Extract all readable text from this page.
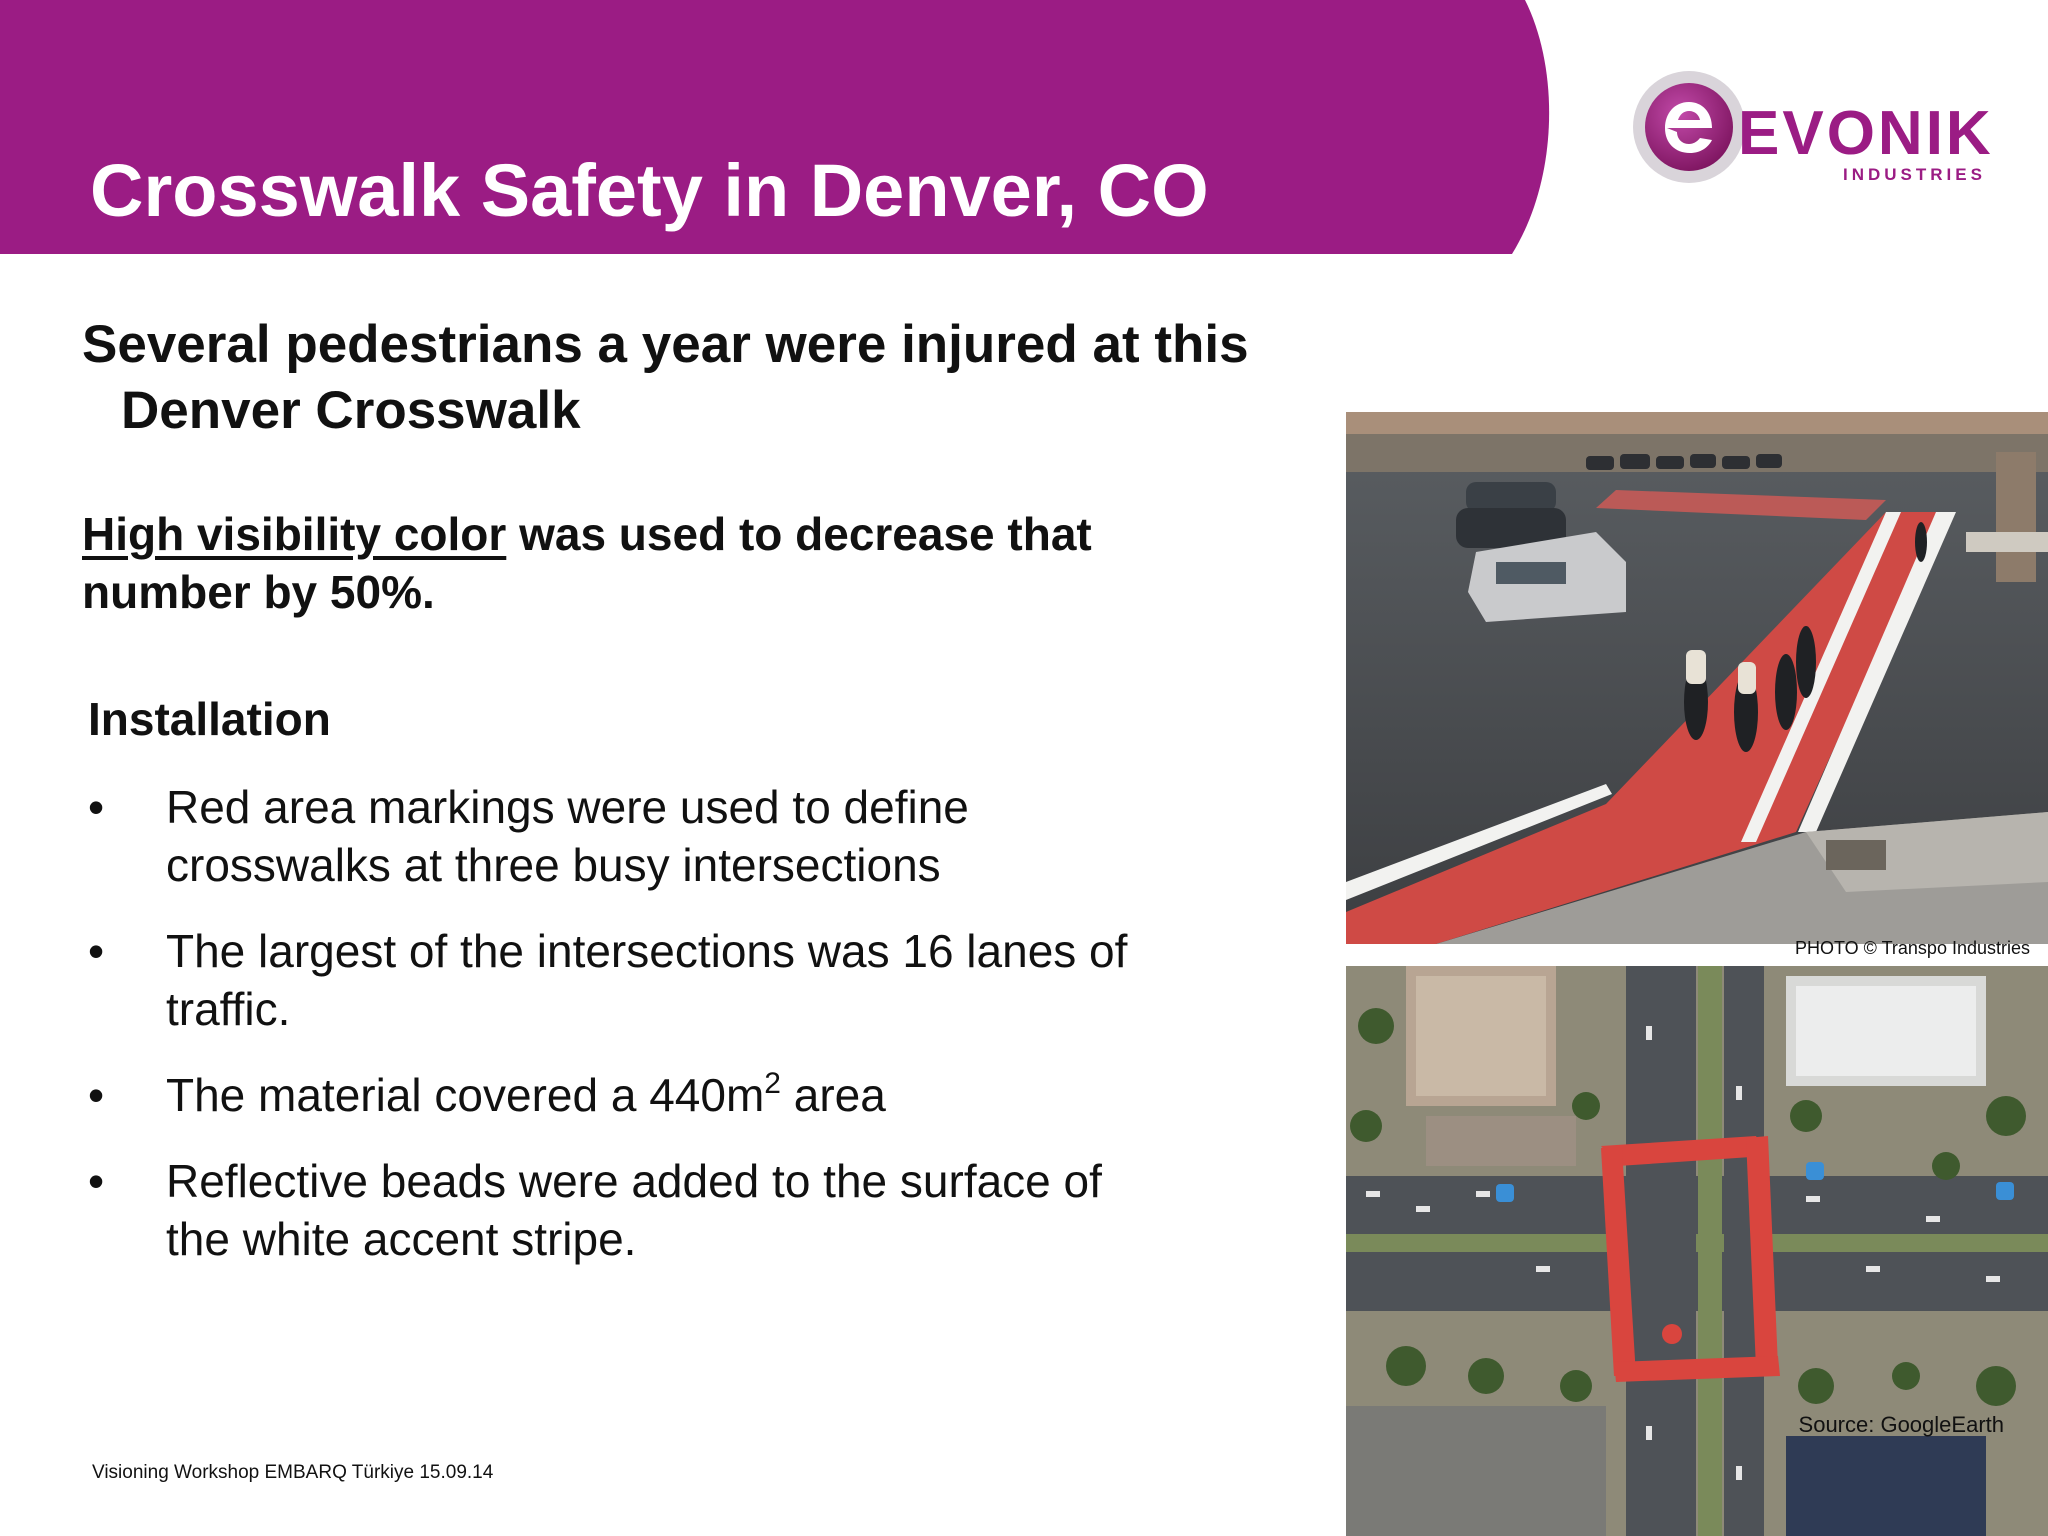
Crosswalk Safety in Denver, CO
EVONIK
INDUSTRIES
Several pedestrians a year were injured at this
Denver Crosswalk
High visibility color was used to decrease that number by 50%.
Installation
• Red area markings were used to define crosswalks at three busy intersections
• The largest of the intersections was 16 lanes of traffic.
• The material covered a $440m^2$ area
• Reflective beads were added to the surface of the white accent stripe.
PHOTO © Transpo Industries
Source: GoogleEarth
Visioning Workshop EMBARQ Türkiye 15.09.14
